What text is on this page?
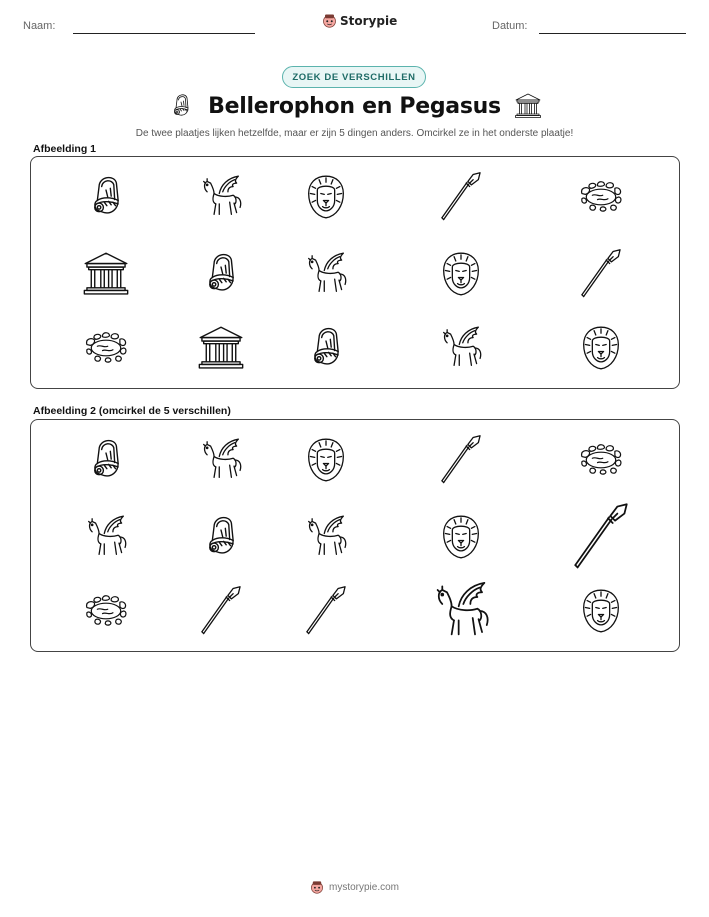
Naam:	Storypie	Datum:
ZOEK DE VERSCHILLEN
Bellerophon en Pegasus
De twee plaatjes lijken hetzelfde, maar er zijn 5 dingen anders. Omcirkel ze in het onderste plaatje!
Afbeelding 1
Afbeelding 2 (omcirkel de 5 verschillen)
mystorypie.com
